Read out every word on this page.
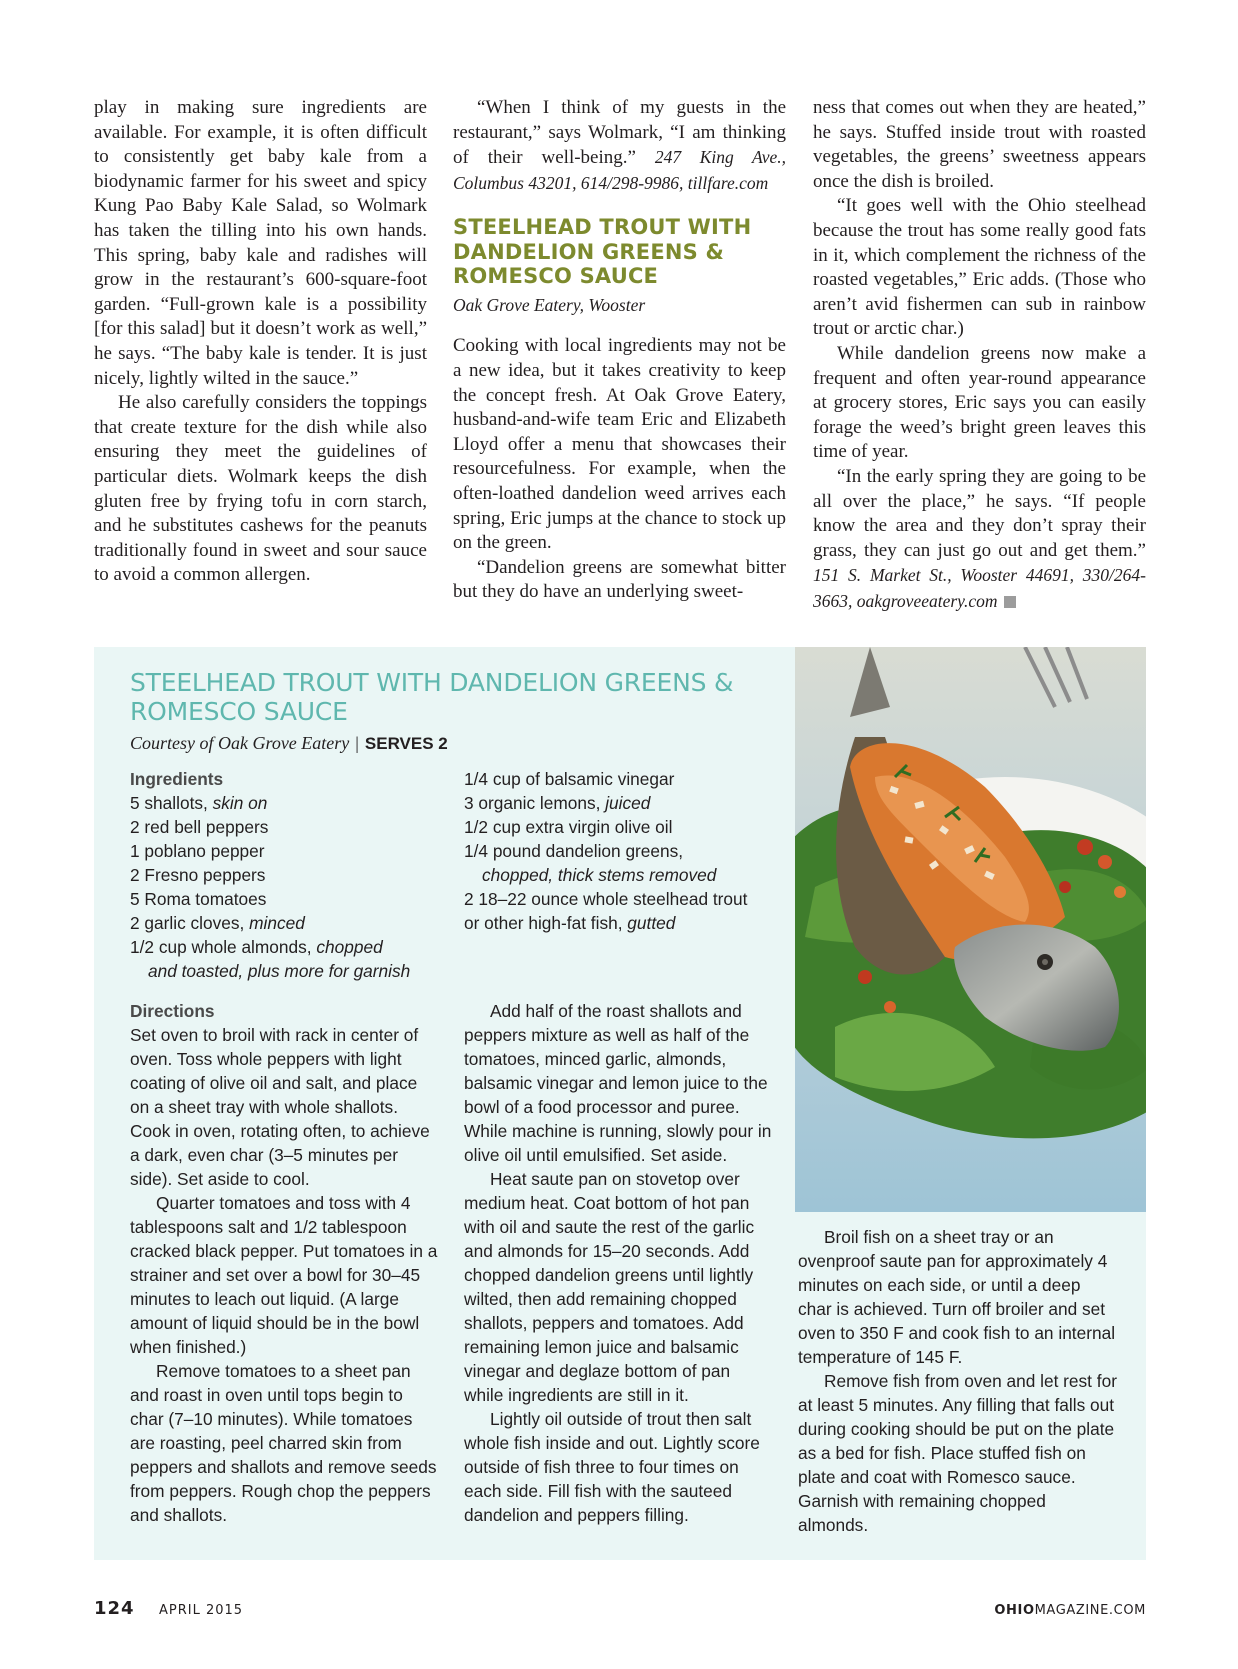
play in making sure ingredients are available. For example, it is often difficult to consistently get baby kale from a biodynamic farmer for his sweet and spicy Kung Pao Baby Kale Salad, so Wolmark has taken the tilling into his own hands. This spring, baby kale and radishes will grow in the restaurant’s 600-square-foot garden. “Full-grown kale is a possibility [for this salad] but it doesn’t work as well,” he says. “The baby kale is tender. It is just nicely, lightly wilted in the sauce.”

He also carefully considers the toppings that create texture for the dish while also ensuring they meet the guidelines of particular diets. Wolmark keeps the dish gluten free by frying tofu in corn starch, and he substitutes cashews for the peanuts traditionally found in sweet and sour sauce to avoid a common allergen.

“When I think of my guests in the restaurant,” says Wolmark, “I am thinking of their well-being.” 247 King Ave., Columbus 43201, 614/298-9986, tillfare.com

STEELHEAD TROUT WITH DANDELION GREENS & ROMESCO SAUCE

Oak Grove Eatery, Wooster

Cooking with local ingredients may not be a new idea, but it takes creativity to keep the concept fresh. At Oak Grove Eatery, husband-and-wife team Eric and Elizabeth Lloyd offer a menu that showcases their resourcefulness. For example, when the often-loathed dandelion weed arrives each spring, Eric jumps at the chance to stock up on the green.

“Dandelion greens are somewhat bitter but they do have an underlying sweet-

ness that comes out when they are heated,” he says. Stuffed inside trout with roasted vegetables, the greens’ sweetness appears once the dish is broiled.

“It goes well with the Ohio steelhead because the trout has some really good fats in it, which complement the richness of the roasted vegetables,” Eric adds. (Those who aren’t avid fishermen can sub in rainbow trout or arctic char.)

While dandelion greens now make a frequent and often year-round appearance at grocery stores, Eric says you can easily forage the weed’s bright green leaves this time of year.

“In the early spring they are going to be all over the place,” he says. “If people know the area and they don’t spray their grass, they can just go out and get them.” 151 S. Market St., Wooster 44691, 330/264-3663, oakgroveeatery.com

STEELHEAD TROUT WITH DANDELION GREENS & ROMESCO SAUCE
Courtesy of Oak Grove Eatery | SERVES 2

Ingredients

5 shallots, skin on

2 red bell peppers

1 poblano pepper

2 Fresno peppers

5 Roma tomatoes

2 garlic cloves, minced

1/2 cup whole almonds, chopped

and toasted, plus more for garnish

1/4 cup of balsamic vinegar

3 organic lemons, juiced

1/2 cup extra virgin olive oil

1/4 pound dandelion greens,

chopped, thick stems removed

2 18–22 ounce whole steelhead trout

or other high-fat fish, gutted

Directions

Set oven to broil with rack in center of oven. Toss whole peppers with light coating of olive oil and salt, and place on a sheet tray with whole shallots. Cook in oven, rotating often, to achieve a dark, even char (3–5 minutes per side). Set aside to cool.

Quarter tomatoes and toss with 4 tablespoons salt and 1/2 tablespoon cracked black pepper. Put tomatoes in a strainer and set over a bowl for 30–45 minutes to leach out liquid. (A large amount of liquid should be in the bowl when finished.)

Remove tomatoes to a sheet pan and roast in oven until tops begin to char (7–10 minutes). While tomatoes are roasting, peel charred skin from peppers and shallots and remove seeds from peppers. Rough chop the peppers and shallots.

Add half of the roast shallots and peppers mixture as well as half of the tomatoes, minced garlic, almonds, balsamic vinegar and lemon juice to the bowl of a food processor and puree. While machine is running, slowly pour in olive oil until emulsified. Set aside.

Heat saute pan on stovetop over medium heat. Coat bottom of hot pan with oil and saute the rest of the garlic and almonds for 15–20 seconds. Add chopped dandelion greens until lightly wilted, then add remaining chopped shallots, peppers and tomatoes. Add remaining lemon juice and balsamic vinegar and deglaze bottom of pan while ingredients are still in it.

Lightly oil outside of trout then salt whole fish inside and out. Lightly score outside of fish three to four times on each side. Fill fish with the sauteed dandelion and peppers filling.

Broil fish on a sheet tray or an ovenproof saute pan for approximately 4 minutes on each side, or until a deep char is achieved. Turn off broiler and set oven to 350 F and cook fish to an internal temperature of 145 F.

Remove fish from oven and let rest for at least 5 minutes. Any filling that falls out during cooking should be put on the plate as a bed for fish. Place stuffed fish on plate and coat with Romesco sauce. Garnish with remaining chopped almonds.

124 APRIL 2015	OHIOMAGAZINE.COM
